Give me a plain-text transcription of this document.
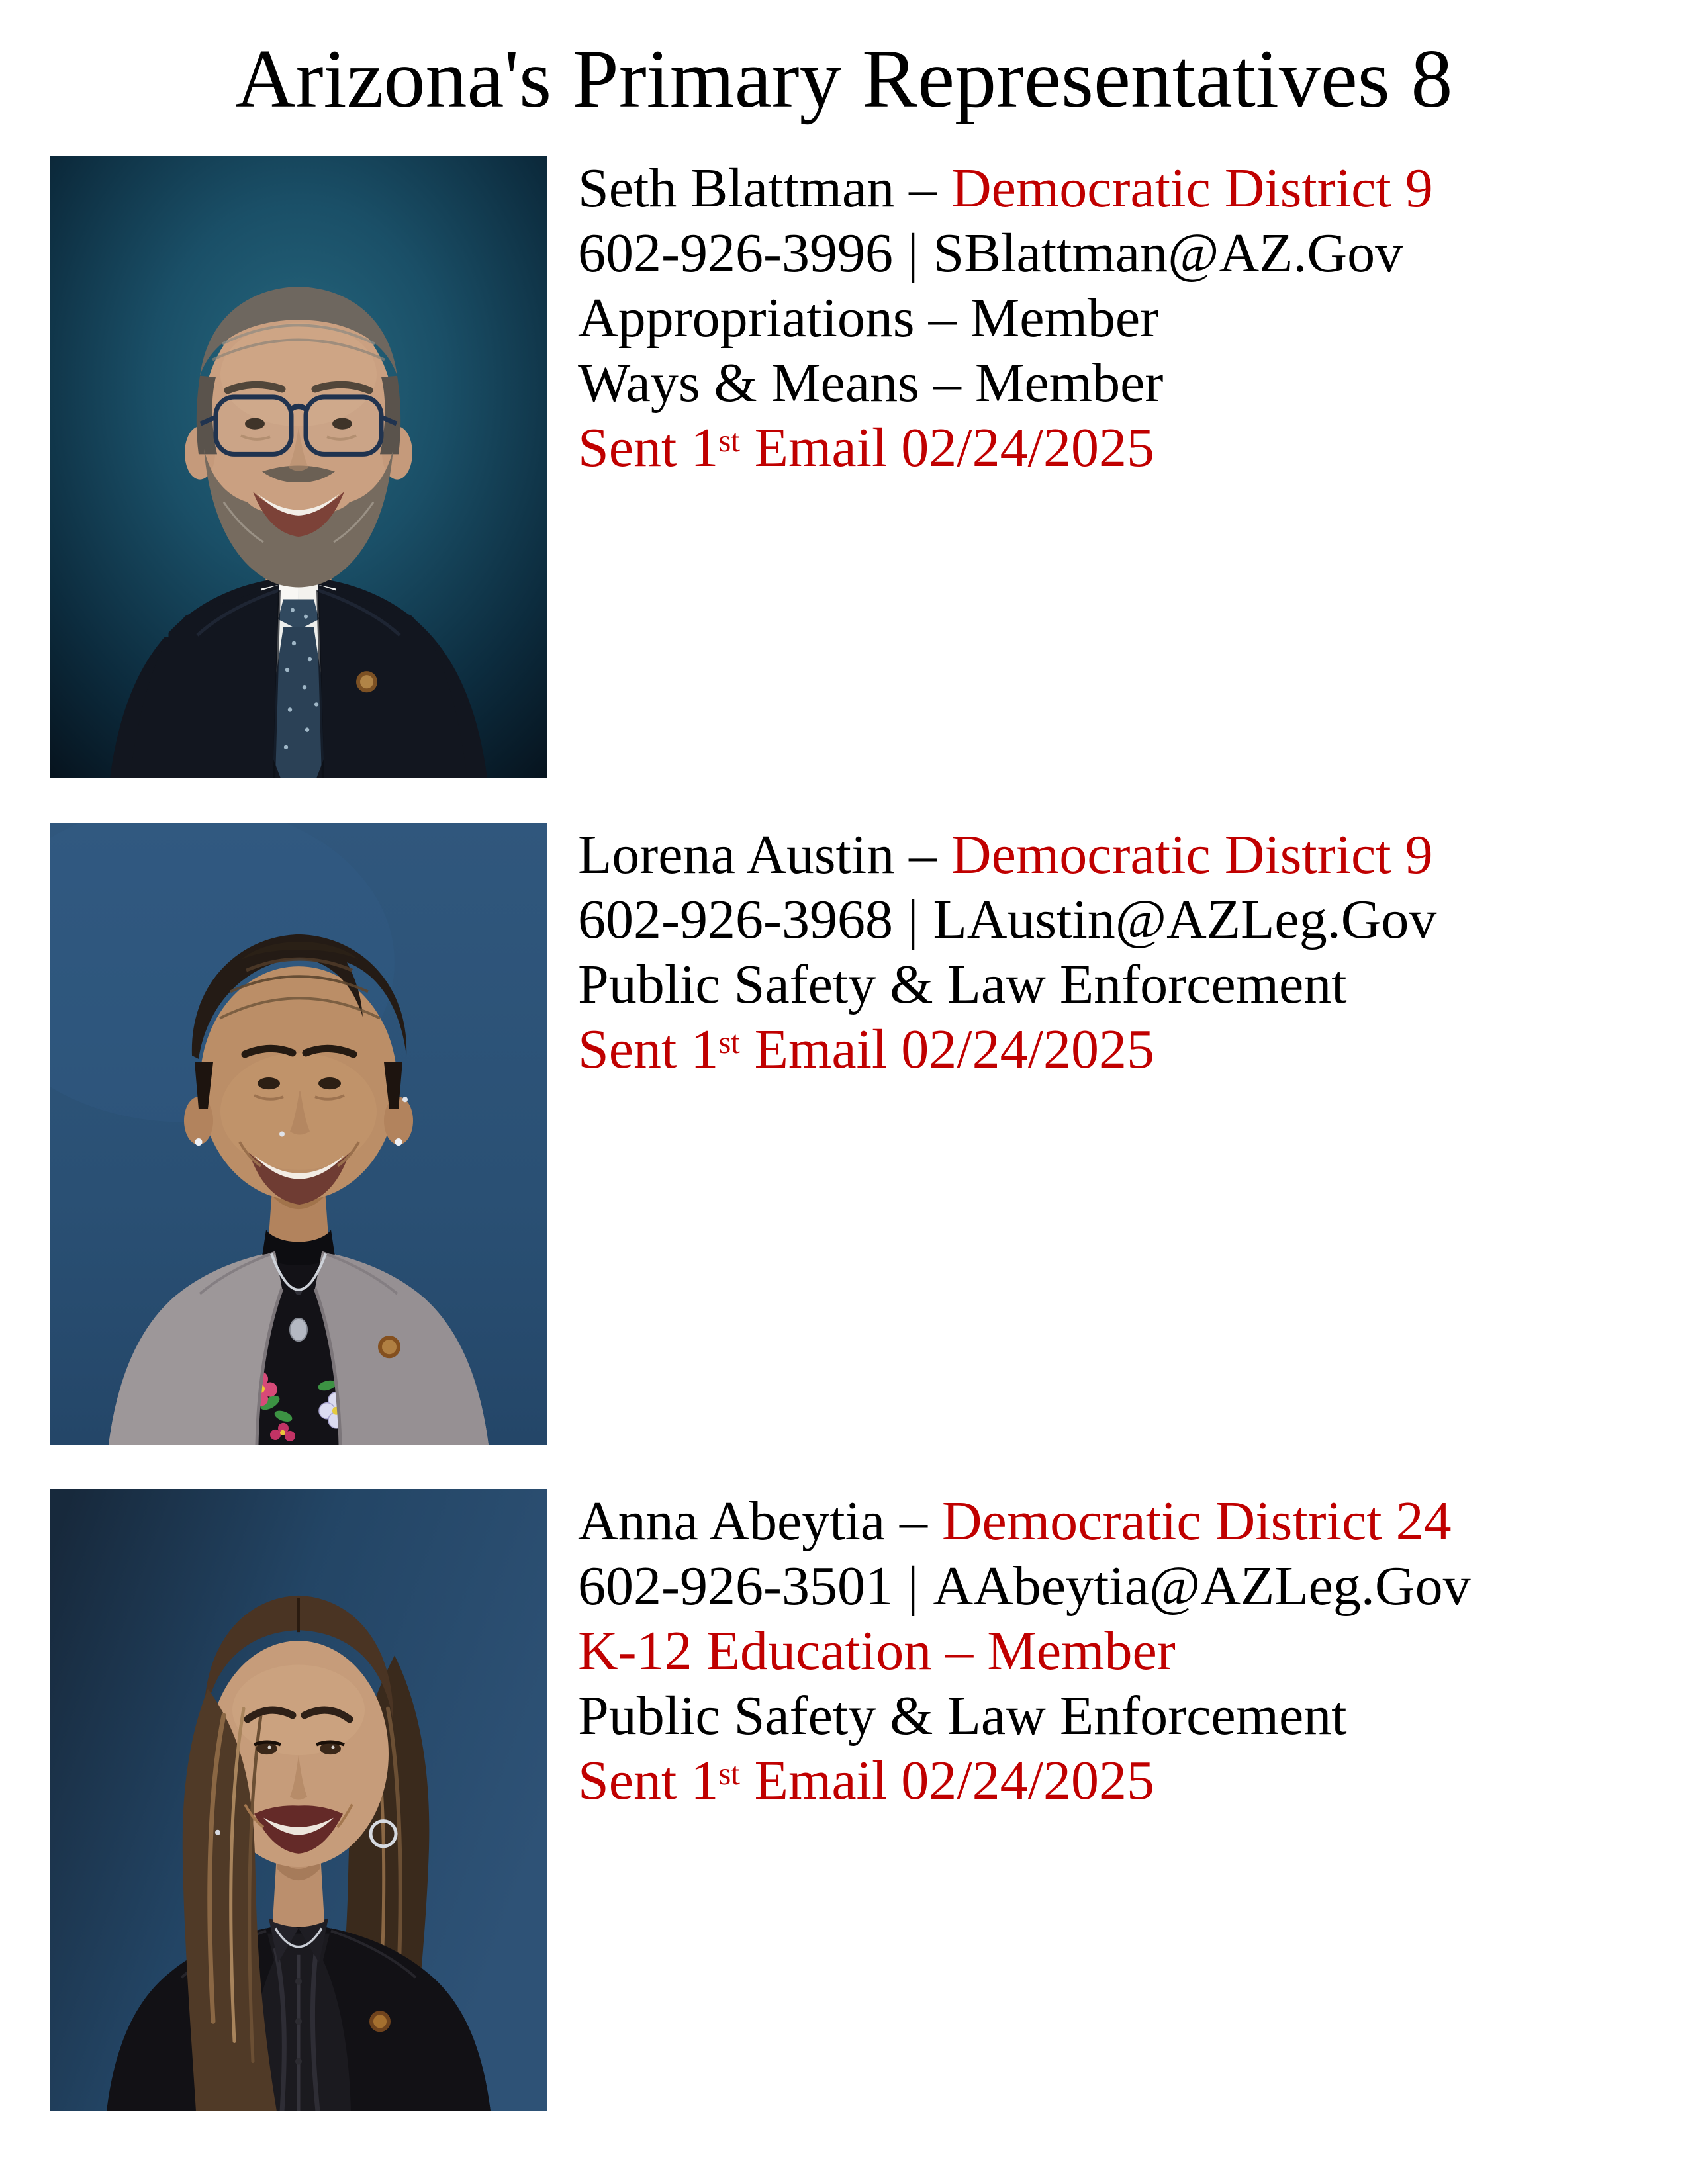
Arizona's Primary Representatives 8
Seth Blattman – Democratic District 9
602-926-3996 | SBlattman@AZ.Gov
Appropriations – Member
Ways & Means – Member
Sent 1st Email 02/24/2025
Lorena Austin – Democratic District 9
602-926-3968 | LAustin@AZLeg.Gov
Public Safety & Law Enforcement
Sent 1st Email 02/24/2025
Anna Abeytia – Democratic District 24
602-926-3501 | AAbeytia@AZLeg.Gov
K-12 Education – Member
Public Safety & Law Enforcement
Sent 1st Email 02/24/2025
